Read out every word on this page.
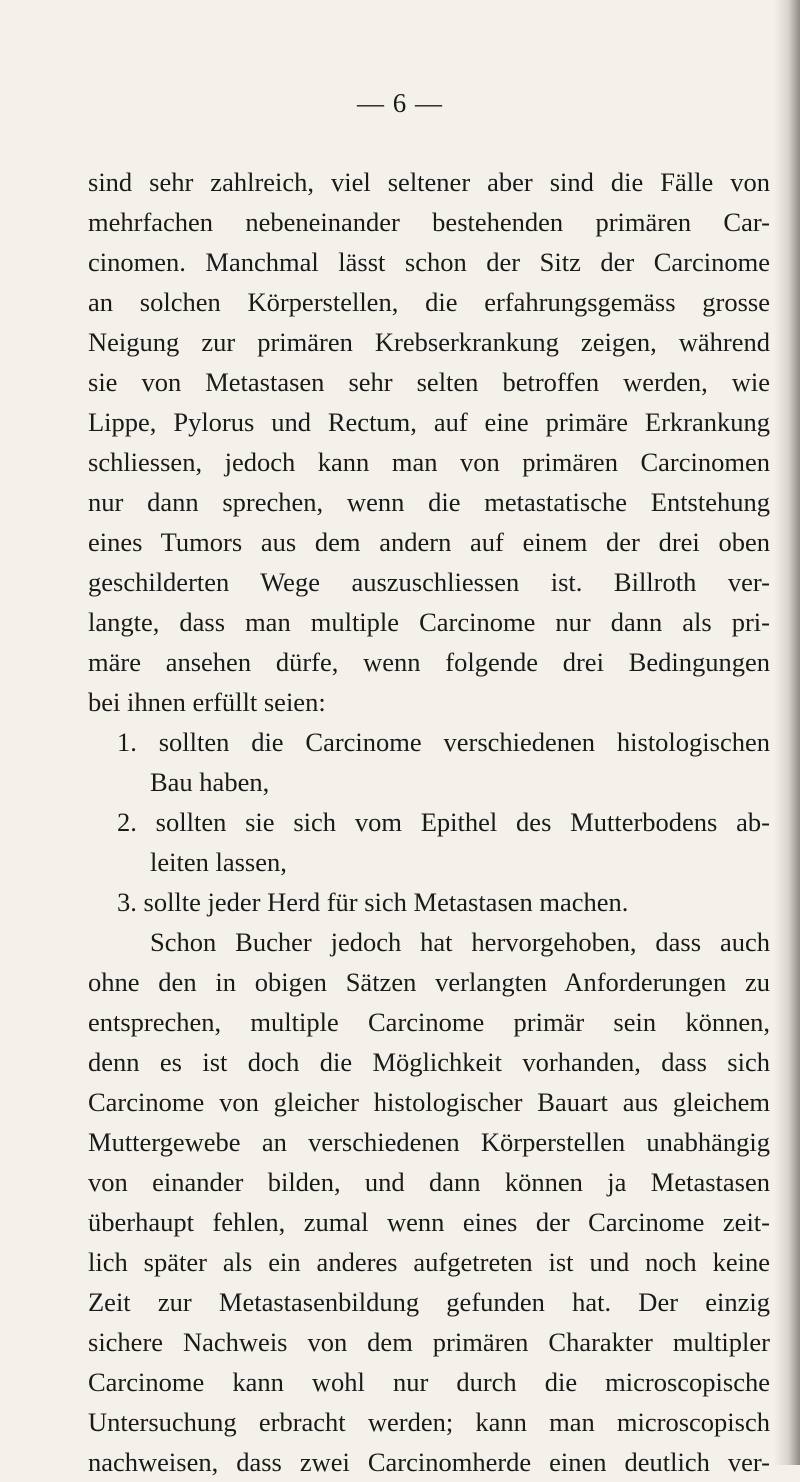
— 6 —
sind sehr zahlreich, viel seltener aber sind die Fälle von
mehrfachen nebeneinander bestehenden primären Car-
cinomen. Manchmal lässt schon der Sitz der Carcinome
an solchen Körperstellen, die erfahrungsgemäss grosse
Neigung zur primären Krebserkrankung zeigen, während
sie von Metastasen sehr selten betroffen werden, wie
Lippe, Pylorus und Rectum, auf eine primäre Erkrankung
schliessen, jedoch kann man von primären Carcinomen
nur dann sprechen, wenn die metastatische Entstehung
eines Tumors aus dem andern auf einem der drei oben
geschilderten Wege auszuschliessen ist. Billroth ver-
langte, dass man multiple Carcinome nur dann als pri-
märe ansehen dürfe, wenn folgende drei Bedingungen
bei ihnen erfüllt seien:
1. sollten die Carcinome verschiedenen histologischen
Bau haben,
2. sollten sie sich vom Epithel des Mutterbodens ab-
leiten lassen,
3. sollte jeder Herd für sich Metastasen machen.
Schon Bucher jedoch hat hervorgehoben, dass auch
ohne den in obigen Sätzen verlangten Anforderungen zu
entsprechen, multiple Carcinome primär sein können,
denn es ist doch die Möglichkeit vorhanden, dass sich
Carcinome von gleicher histologischer Bauart aus gleichem
Muttergewebe an verschiedenen Körperstellen unabhängig
von einander bilden, und dann können ja Metastasen
überhaupt fehlen, zumal wenn eines der Carcinome zeit-
lich später als ein anderes aufgetreten ist und noch keine
Zeit zur Metastasenbildung gefunden hat. Der einzig
sichere Nachweis von dem primären Charakter multipler
Carcinome kann wohl nur durch die microscopische
Untersuchung erbracht werden; kann man microscopisch
nachweisen, dass zwei Carcinomherde einen deutlich ver-
